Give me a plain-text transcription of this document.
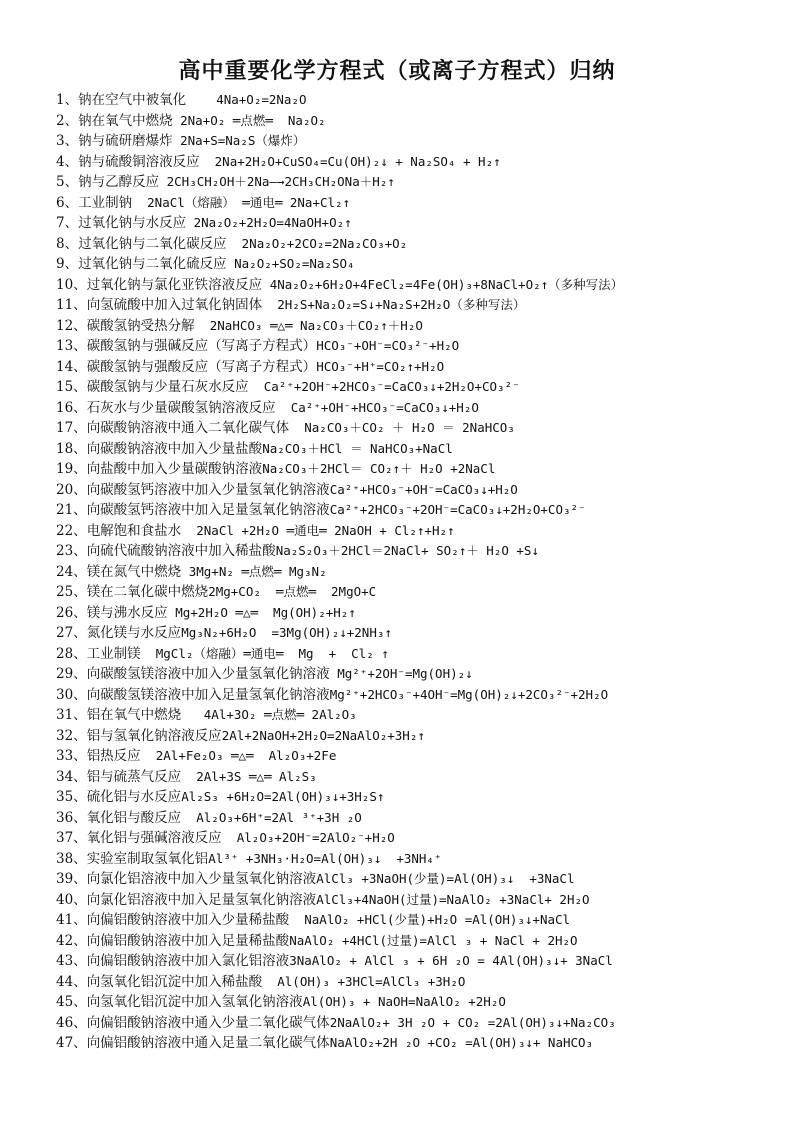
高中重要化学方程式（或离子方程式）归纳
1、钠在空气中被氧化    4Na+O₂=2Na₂O
2、钠在氧气中燃烧 2Na+O₂ ═点燃═  Na₂O₂
3、钠与硫研磨爆炸 2Na+S=Na₂S（爆炸）
4、钠与硫酸铜溶液反应  2Na+2H₂O+CuSO₄=Cu(OH)₂↓ + Na₂SO₄ + H₂↑
5、钠与乙醇反应 2CH₃CH₂OH＋2Na—→2CH₃CH₂ONa＋H₂↑
6、工业制钠  2NaCl（熔融） ═通电═ 2Na+Cl₂↑
7、过氧化钠与水反应 2Na₂O₂+2H₂O=4NaOH+O₂↑
8、过氧化钠与二氧化碳反应  2Na₂O₂+2CO₂=2Na₂CO₃+O₂
9、过氧化钠与二氧化硫反应 Na₂O₂+SO₂=Na₂SO₄
10、过氧化钠与氯化亚铁溶液反应 4Na₂O₂+6H₂O+4FeCl₂=4Fe(OH)₃+8NaCl+O₂↑（多种写法）
11、向氢硫酸中加入过氧化钠固体  2H₂S+Na₂O₂=S↓+Na₂S+2H₂O（多种写法）
12、碳酸氢钠受热分解  2NaHCO₃ ═△═ Na₂CO₃＋CO₂↑＋H₂O
13、碳酸氢钠与强碱反应（写离子方程式）HCO₃⁻+OH⁻=CO₃²⁻+H₂O
14、碳酸氢钠与强酸反应（写离子方程式）HCO₃⁻+H⁺=CO₂↑+H₂O
15、碳酸氢钠与少量石灰水反应  Ca²⁺+2OH⁻+2HCO₃⁻=CaCO₃↓+2H₂O+CO₃²⁻
16、石灰水与少量碳酸氢钠溶液反应  Ca²⁺+OH⁻+HCO₃⁻=CaCO₃↓+H₂O
17、向碳酸钠溶液中通入二氧化碳气体  Na₂CO₃＋CO₂ ＋ H₂O ＝ 2NaHCO₃
18、向碳酸钠溶液中加入少量盐酸Na₂CO₃＋HCl ＝ NaHCO₃+NaCl
19、向盐酸中加入少量碳酸钠溶液Na₂CO₃＋2HCl＝ CO₂↑＋ H₂O +2NaCl
20、向碳酸氢钙溶液中加入少量氢氧化钠溶液Ca²⁺+HCO₃⁻+OH⁻=CaCO₃↓+H₂O
21、向碳酸氢钙溶液中加入足量氢氧化钠溶液Ca²⁺+2HCO₃⁻+2OH⁻=CaCO₃↓+2H₂O+CO₃²⁻
22、电解饱和食盐水  2NaCl +2H₂O ═通电═ 2NaOH + Cl₂↑+H₂↑
23、向硫代硫酸钠溶液中加入稀盐酸Na₂S₂O₃＋2HCl＝2NaCl+ SO₂↑＋ H₂O +S↓
24、镁在氮气中燃烧 3Mg+N₂ ═点燃═ Mg₃N₂
25、镁在二氧化碳中燃烧2Mg+CO₂  ═点燃═  2MgO+C
26、镁与沸水反应 Mg+2H₂O ═△═  Mg(OH)₂+H₂↑
27、氮化镁与水反应Mg₃N₂+6H₂O  =3Mg(OH)₂↓+2NH₃↑
28、工业制镁  MgCl₂（熔融）═通电═  Mg  +  Cl₂ ↑
29、向碳酸氢镁溶液中加入少量氢氧化钠溶液 Mg²⁺+2OH⁻=Mg(OH)₂↓
30、向碳酸氢镁溶液中加入足量氢氧化钠溶液Mg²⁺+2HCO₃⁻+4OH⁻=Mg(OH)₂↓+2CO₃²⁻+2H₂O
31、铝在氧气中燃烧   4Al+3O₂ ═点燃═ 2Al₂O₃
32、铝与氢氧化钠溶液反应2Al+2NaOH+2H₂O=2NaAlO₂+3H₂↑
33、铝热反应  2Al+Fe₂O₃ ═△═  Al₂O₃+2Fe
34、铝与硫蒸气反应  2Al+3S ═△═ Al₂S₃
35、硫化铝与水反应Al₂S₃ +6H₂O=2Al(OH)₃↓+3H₂S↑
36、氧化铝与酸反应  Al₂O₃+6H⁺=2Al ³⁺+3H ₂O
37、氧化铝与强碱溶液反应  Al₂O₃+2OH⁻=2AlO₂⁻+H₂O
38、实验室制取氢氧化铝Al³⁺ +3NH₃·H₂O=Al(OH)₃↓  +3NH₄⁺
39、向氯化铝溶液中加入少量氢氧化钠溶液AlCl₃ +3NaOH(少量)=Al(OH)₃↓  +3NaCl
40、向氯化铝溶液中加入足量氢氧化钠溶液AlCl₃+4NaOH(过量)=NaAlO₂ +3NaCl+ 2H₂O
41、向偏铝酸钠溶液中加入少量稀盐酸  NaAlO₂ +HCl(少量)+H₂O =Al(OH)₃↓+NaCl
42、向偏铝酸钠溶液中加入足量稀盐酸NaAlO₂ +4HCl(过量)=AlCl ₃ + NaCl + 2H₂O
43、向偏铝酸钠溶液中加入氯化铝溶液3NaAlO₂ + AlCl ₃ + 6H ₂O = 4Al(OH)₃↓+ 3NaCl
44、向氢氧化铝沉淀中加入稀盐酸  Al(OH)₃ +3HCl=AlCl₃ +3H₂O
45、向氢氧化铝沉淀中加入氢氧化钠溶液Al(OH)₃ + NaOH=NaAlO₂ +2H₂O
46、向偏铝酸钠溶液中通入少量二氧化碳气体2NaAlO₂+ 3H ₂O + CO₂ =2Al(OH)₃↓+Na₂CO₃
47、向偏铝酸钠溶液中通入足量二氧化碳气体NaAlO₂+2H ₂O +CO₂ =Al(OH)₃↓+ NaHCO₃
